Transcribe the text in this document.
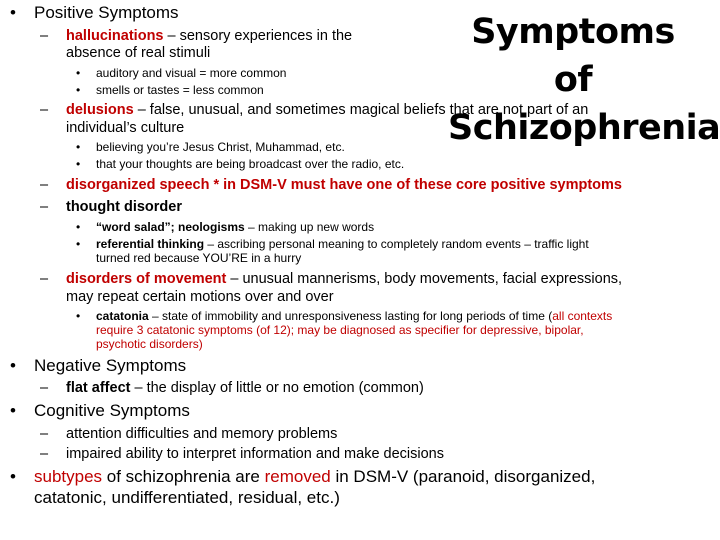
Symptoms of
Schizophrenia
• Positive Symptoms
– hallucinations – sensory experiences in the
absence of real stimuli
• auditory and visual = more common
• smells or tastes = less common
– delusions – false, unusual, and sometimes magical beliefs that are not part of an
individual’s culture
• believing you’re Jesus Christ, Muhammad, etc.
• that your thoughts are being broadcast over the radio, etc.
– disorganized speech * in DSM-V must have one of these core positive symptoms
– thought disorder
• “word salad”; neologisms – making up new words
• referential thinking – ascribing personal meaning to completely random events – traffic light
turned red because YOU’RE in a hurry
– disorders of movement – unusual mannerisms, body movements, facial expressions,
may repeat certain motions over and over
• catatonia – state of immobility and unresponsiveness lasting for long periods of time (all contexts
require 3 catatonic symptoms (of 12); may be diagnosed as specifier for depressive, bipolar,
psychotic disorders)
• Negative Symptoms
– flat affect – the display of little or no emotion (common)
• Cognitive Symptoms
– attention difficulties and memory problems
– impaired ability to interpret information and make decisions
• subtypes of schizophrenia are removed in DSM-V (paranoid, disorganized,
catatonic, undifferentiated, residual, etc.)
